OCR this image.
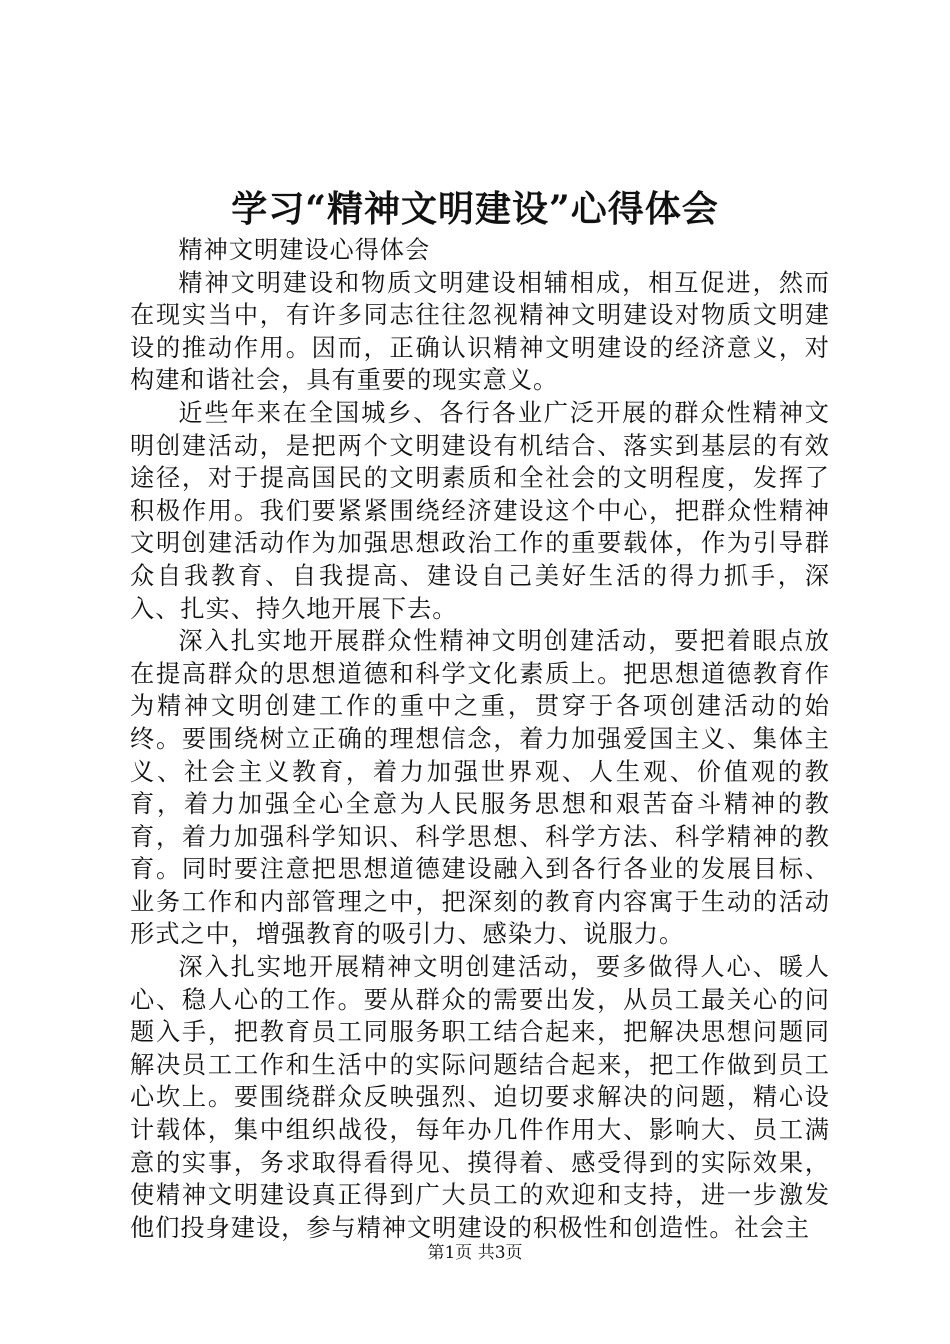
学习“精神文明建设”心得体会

精神文明建设心得体会

精神文明建设和物质文明建设相辅相成，相互促进，然而在现实当中，有许多同志往往忽视精神文明建设对物质文明建设的推动作用。因而，正确认识精神文明建设的经济意义，对构建和谐社会，具有重要的现实意义。

近些年来在全国城乡、各行各业广泛开展的群众性精神文明创建活动，是把两个文明建设有机结合、落实到基层的有效途径，对于提高国民的文明素质和全社会的文明程度，发挥了积极作用。我们要紧紧围绕经济建设这个中心，把群众性精神文明创建活动作为加强思想政治工作的重要载体，作为引导群众自我教育、自我提高、建设自己美好生活的得力抓手，深入、扎实、持久地开展下去。

深入扎实地开展群众性精神文明创建活动，要把着眼点放在提高群众的思想道德和科学文化素质上。把思想道德教育作为精神文明创建工作的重中之重，贯穿于各项创建活动的始终。要围绕树立正确的理想信念，着力加强爱国主义、集体主义、社会主义教育，着力加强世界观、人生观、价值观的教育，着力加强全心全意为人民服务思想和艰苦奋斗精神的教育，着力加强科学知识、科学思想、科学方法、科学精神的教育。同时要注意把思想道德建设融入到各行各业的发展目标、业务工作和内部管理之中，把深刻的教育内容寓于生动的活动形式之中，增强教育的吸引力、感染力、说服力。

深入扎实地开展精神文明创建活动，要多做得人心、暖人心、稳人心的工作。要从群众的需要出发，从员工最关心的问题入手，把教育员工同服务职工结合起来，把解决思想问题同解决员工工作和生活中的实际问题结合起来，把工作做到员工心坎上。要围绕群众反映强烈、迫切要求解决的问题，精心设计载体，集中组织战役，每年办几件作用大、影响大、员工满意的实事，务求取得看得见、摸得着、感受得到的实际效果，使精神文明建设真正得到广大员工的欢迎和支持，进一步激发他们投身建设，参与精神文明建设的积极性和创造性。社会主

第1页 共3页
